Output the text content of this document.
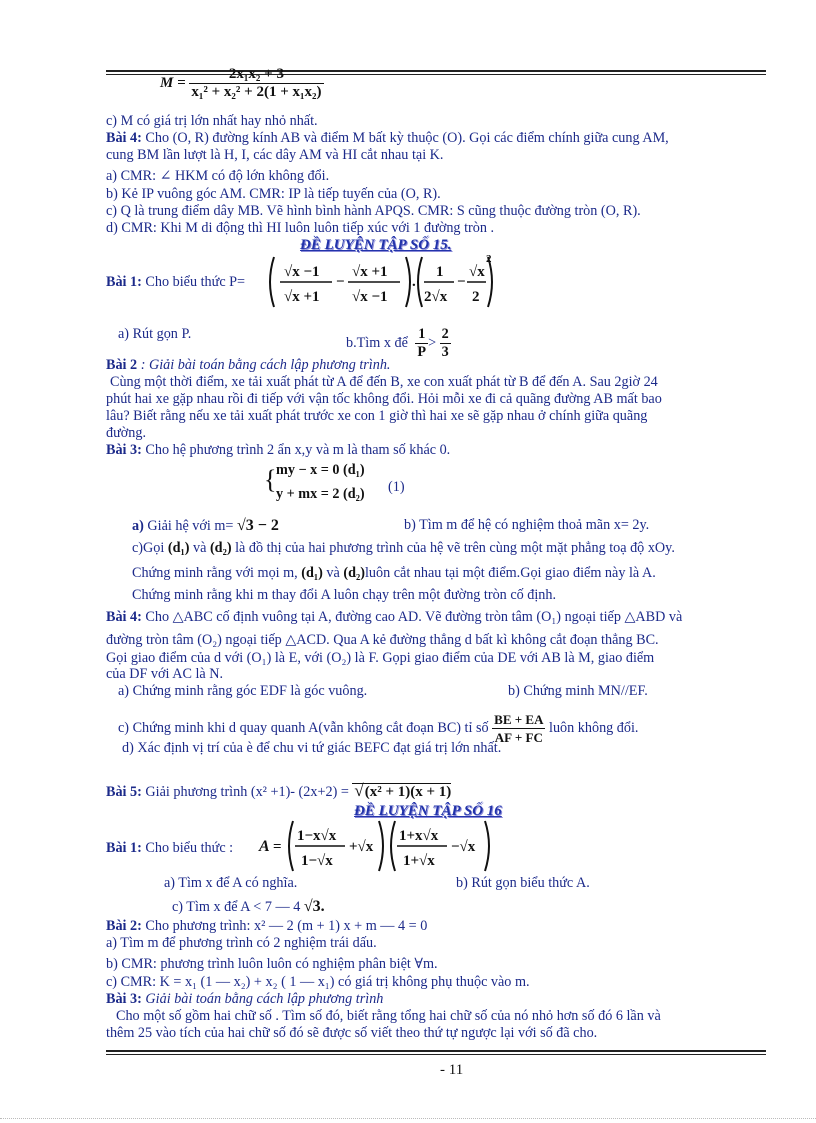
$M = \frac{\text{2x₁x₂ + 3}}{\text{x₁² + x₂² + 2(1 + x₁x₂)}}$
c) M có giá trị lớn nhất hay nhỏ nhất.
Bài 4: Cho (O, R) đường kính AB và điểm M bất kỳ thuộc (O). Gọi các điểm chính giữa cung AM,
cung BM lần lượt là H, I, các dây AM và HI cắt nhau tại K.
a) CMR: ∠ HKM có độ lớn không đổi.
b) Kẻ IP vuông góc AM. CMR: IP là tiếp tuyến của (O, R).
c) Q là trung điểm dây MB. Vẽ hình bình hành APQS. CMR: S cũng thuộc đường tròn (O, R).
d) CMR: Khi M di động thì HI luôn luôn tiếp xúc với 1 đường tròn .
ĐỀ LUYỆN TẬP SỐ 15.
Bài 1: Cho biểu thức P=
√x −1
√x +1
−
√x +1
√x −1
.
1
2√x
−
√x
2
2
a) Rút gọn P.
b.Tìm x để $\frac{1}{P} > \frac{2}{3}$
Bài 2 : Giải bài toán bằng cách lập phương trình.
Cùng một thời điểm, xe tải xuất phát từ A để đến B, xe con xuất phát từ B để đến A. Sau 2giờ 24
phút hai xe gặp nhau rồi đi tiếp với vận tốc không đổi. Hỏi mỗi xe đi cả quãng đường AB mất bao
lâu? Biết rằng nếu xe tải xuất phát trước xe con 1 giờ thì hai xe sẽ gặp nhau ở chính giữa quãng
đường.
Bài 3: Cho hệ phương trình 2 ẩn x,y và m là tham số khác 0.
{ my − x = 0 (d₁)
y + mx = 2 (d₂)	(1)
a) Giải hệ với m= √3 − 2	b) Tìm m để hệ có nghiệm thoả mãn x= 2y.
c)Gọi (d₁) và (d₂) là đồ thị của hai phương trình của hệ vẽ trên cùng một mặt phẳng toạ độ xOy.
Chứng minh rằng với mọi m, (d₁) và (d₂)luôn cắt nhau tại một điểm.Gọi giao điểm này là A.
Chứng minh rằng khi m thay đổi A luôn chạy trên một đường tròn cố định.
Bài 4: Cho △ABC cố định vuông tại A, đường cao AD. Vẽ đường tròn tâm (O₁) ngoại tiếp △ABD và
đường tròn tâm (O₂) ngoại tiếp △ACD. Qua A kẻ đường thẳng d bất kì không cắt đoạn thẳng BC.
Gọi giao điểm của d với (O₁) là E, với (O₂) là F. Gọpi giao điểm của DE với AB là M, giao điểm
của DF với AC là N.
a) Chứng minh rằng góc EDF là góc vuông.	b) Chứng minh MN//EF.
c) Chứng minh khi d quay quanh A(vẫn không cắt đoạn BC) tỉ số $\frac{BE + EA}{AF + FC}$ luôn không đổi.
d) Xác định vị trí của è để chu vi tứ giác BEFC đạt giá trị lớn nhất.
Bài 5: Giải phương trình (x² +1)- (2x+2) = √(x² + 1)(x + 1)
ĐỀ LUYỆN TẬP SỐ 16
Bài 1: Cho biểu thức :	A =
1−x√x
1−√x
+√x
1+x√x
1+√x
−√x
a) Tìm x để A có nghĩa.	b) Rút gọn biểu thức A.
c) Tìm x để A < 7 — 4 √3.
Bài 2: Cho phương trình: x² — 2 (m + 1) x + m — 4 = 0
a) Tìm m để phương trình có 2 nghiệm trái dấu.
b) CMR: phương trình luôn luôn có nghiệm phân biệt ∀m.
c) CMR: K = x₁ (1 — x₂) + x₂ ( 1 — x₁) có giá trị không phụ thuộc vào m.
Bài 3: Giải bài toán bằng cách lập phương trình
Cho một số gồm hai chữ số . Tìm số đó, biết rằng tổng hai chữ số của nó nhỏ hơn số đó 6 lần và
thêm 25 vào tích của hai chữ số đó sẽ được số viết theo thứ tự ngược lại với số đã cho.
- 11
